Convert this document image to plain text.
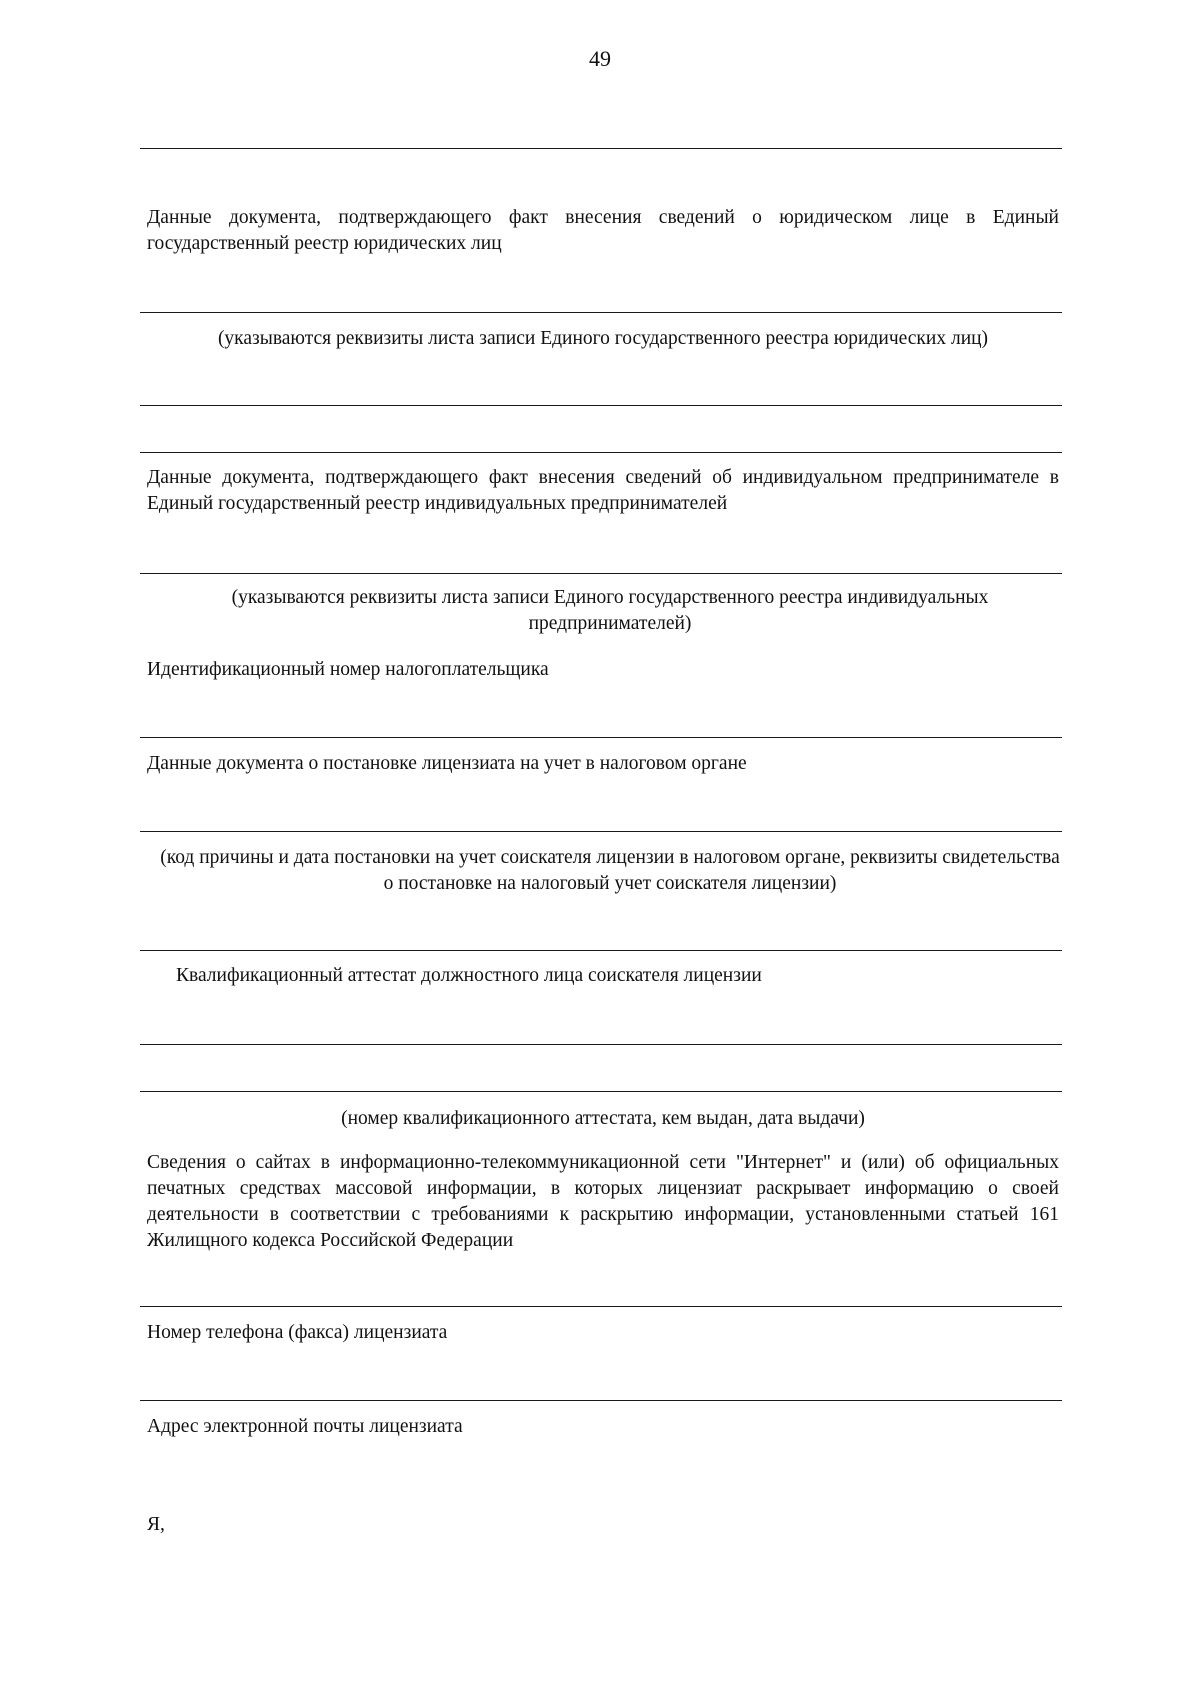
49
Данные документа, подтверждающего факт внесения сведений о юридическом лице в Единый государственный реестр юридических лиц
(указываются реквизиты листа записи Единого государственного реестра юридических лиц)
Данные документа, подтверждающего факт внесения сведений об индивидуальном предпринимателе в Единый государственный реестр индивидуальных предпринимателей
(указываются реквизиты листа записи Единого государственного реестра индивидуальных предпринимателей)
Идентификационный номер налогоплательщика
Данные документа о постановке лицензиата на учет в налоговом органе
(код причины и дата постановки на учет соискателя лицензии в налоговом органе, реквизиты свидетельства о постановке на налоговый учет соискателя лицензии)
Квалификационный аттестат должностного лица соискателя лицензии
(номер квалификационного аттестата, кем выдан, дата выдачи)
Сведения о сайтах в информационно-телекоммуникационной сети "Интернет" и (или) об официальных печатных средствах массовой информации, в которых лицензиат раскрывает информацию о своей деятельности в соответствии с требованиями к раскрытию информации, установленными статьей 161 Жилищного кодекса Российской Федерации
Номер телефона (факса) лицензиата
Адрес электронной почты лицензиата
Я,
